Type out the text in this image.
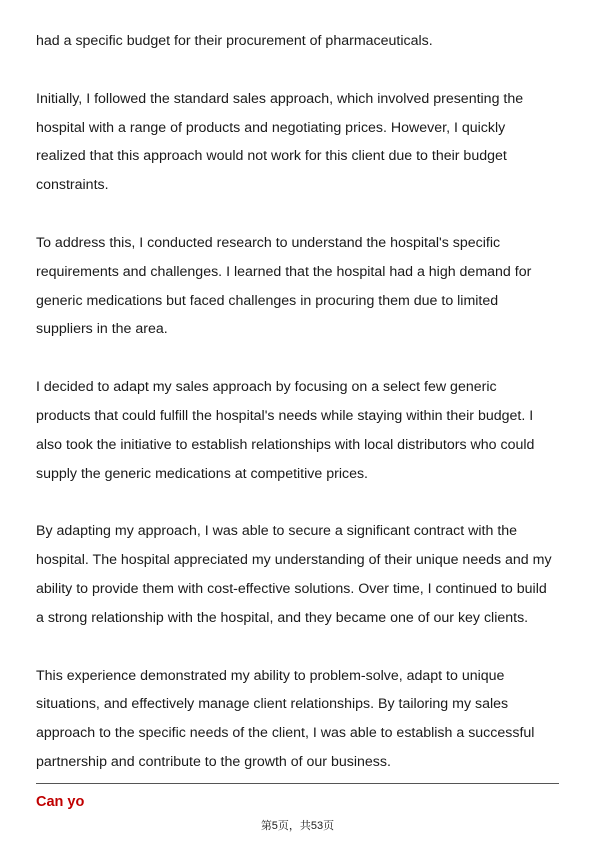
had a specific budget for their procurement of pharmaceuticals.

Initially, I followed the standard sales approach, which involved presenting the
hospital with a range of products and negotiating prices. However, I quickly
realized that this approach would not work for this client due to their budget
constraints.

To address this, I conducted research to understand the hospital's specific
requirements and challenges. I learned that the hospital had a high demand for
generic medications but faced challenges in procuring them due to limited
suppliers in the area.

I decided to adapt my sales approach by focusing on a select few generic
products that could fulfill the hospital's needs while staying within their budget. I
also took the initiative to establish relationships with local distributors who could
supply the generic medications at competitive prices.

By adapting my approach, I was able to secure a significant contract with the
hospital. The hospital appreciated my understanding of their unique needs and my
ability to provide them with cost-effective solutions. Over time, I continued to build
a strong relationship with the hospital, and they became one of our key clients.

This experience demonstrated my ability to problem-solve, adapt to unique
situations, and effectively manage client relationships. By tailoring my sales
approach to the specific needs of the client, I was able to establish a successful
partnership and contribute to the growth of our business.

Can yo
第5页，共53页
